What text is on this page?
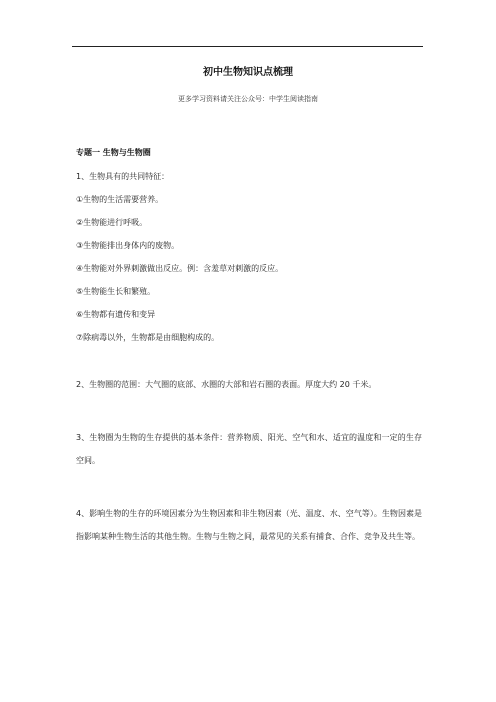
初中生物知识点梳理
更多学习资料请关注公众号：中学生阅读指南
专题一 生物与生物圈
1、生物具有的共同特征：
①生物的生活需要营养。
②生物能进行呼吸。
③生物能排出身体内的废物。
④生物能对外界刺激做出反应。例：含羞草对刺激的反应。
⑤生物能生长和繁殖。
⑥生物都有遗传和变异
⑦除病毒以外，生物都是由细胞构成的。
2、生物圈的范围：大气圈的底部、水圈的大部和岩石圈的表面。厚度大约 20 千米。
3、生物圈为生物的生存提供的基本条件：营养物质、阳光、空气和水、适宜的温度和一定的生存空间。
4、影响生物的生存的环境因素分为生物因素和非生物因素（光、温度、水、空气等）。生物因素是指影响某种生物生活的其他生物。生物与生物之间，最常见的关系有捕食、合作、竞争及共生等。
